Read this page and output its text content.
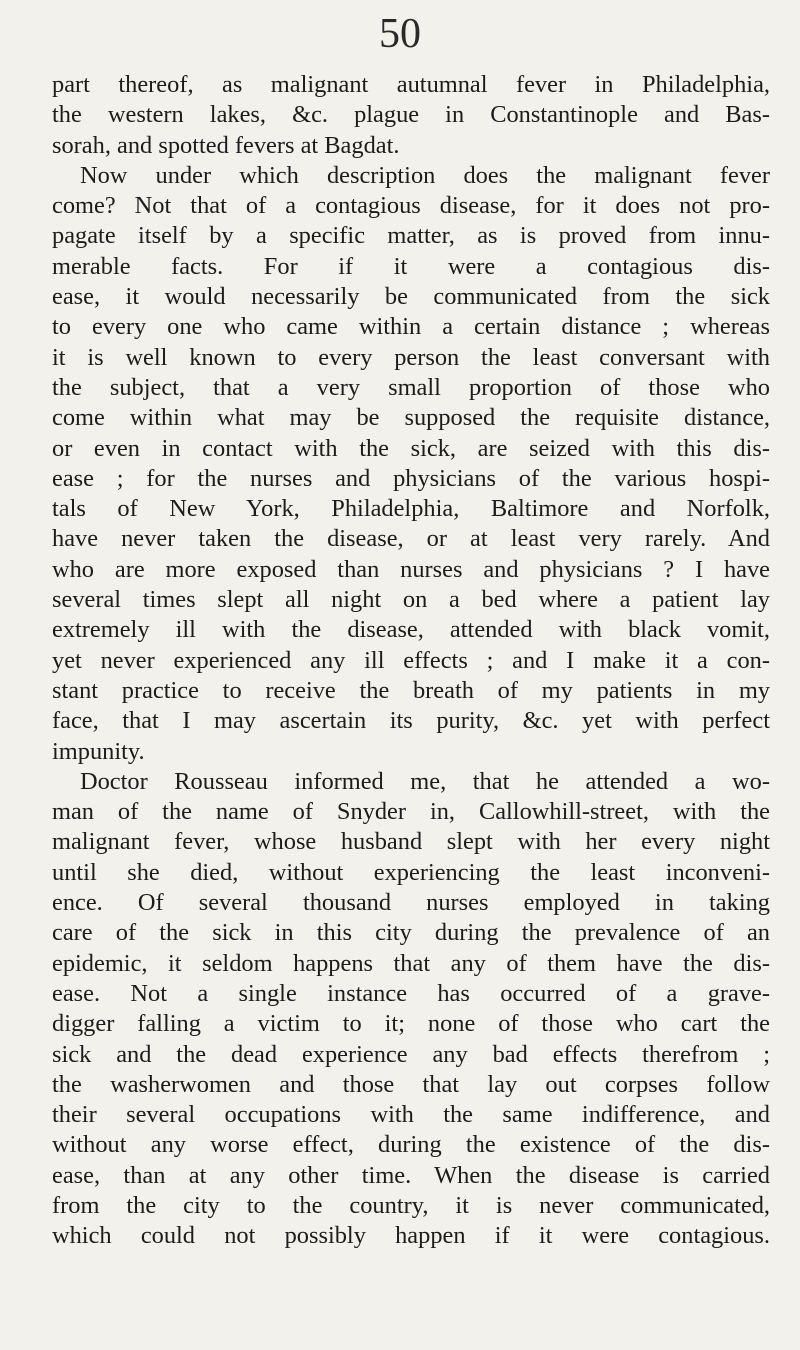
50
part thereof, as malignant autumnal fever in Philadelphia,
the western lakes, &c. plague in Constantinople and Bas-
sorah, and spotted fevers at Bagdat.
Now under which description does the malignant fever
come? Not that of a contagious disease, for it does not pro-
pagate itself by a specific matter, as is proved from innu-
merable facts. For if it were a contagious dis-
ease, it would necessarily be communicated from the sick
to every one who came within a certain distance ; whereas
it is well known to every person the least conversant with
the subject, that a very small proportion of those who
come within what may be supposed the requisite distance,
or even in contact with the sick, are seized with this dis-
ease ; for the nurses and physicians of the various hospi-
tals of New York, Philadelphia, Baltimore and Norfolk,
have never taken the disease, or at least very rarely. And
who are more exposed than nurses and physicians ? I have
several times slept all night on a bed where a patient lay
extremely ill with the disease, attended with black vomit,
yet never experienced any ill effects ; and I make it a con-
stant practice to receive the breath of my patients in my
face, that I may ascertain its purity, &c. yet with perfect
impunity.
Doctor Rousseau informed me, that he attended a wo-
man of the name of Snyder in, Callowhill-street, with the
malignant fever, whose husband slept with her every night
until she died, without experiencing the least inconveni-
ence. Of several thousand nurses employed in taking
care of the sick in this city during the prevalence of an
epidemic, it seldom happens that any of them have the dis-
ease. Not a single instance has occurred of a grave-
digger falling a victim to it; none of those who cart the
sick and the dead experience any bad effects therefrom ;
the washerwomen and those that lay out corpses follow
their several occupations with the same indifference, and
without any worse effect, during the existence of the dis-
ease, than at any other time. When the disease is carried
from the city to the country, it is never communicated,
which could not possibly happen if it were contagious.
